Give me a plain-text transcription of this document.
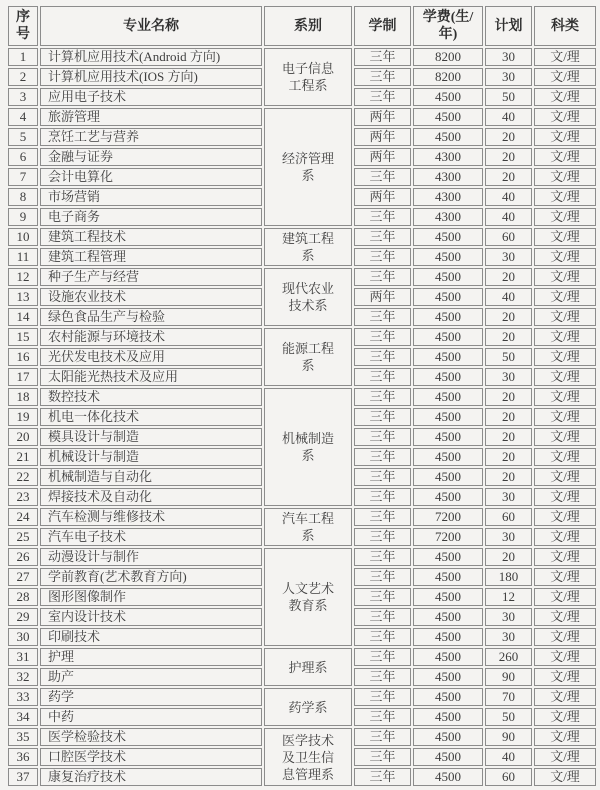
序号	专业名称	系别	学制	学费(生/年)	计划	科类
1	计算机应用技术(Android 方向)	电子信息工程系	三年	8200	30	文/理
2	计算机应用技术(IOS 方向)		三年	8200	30	文/理
3	应用电子技术		三年	4500	50	文/理
4	旅游管理	经济管理系	两年	4500	40	文/理
5	烹饪工艺与营养		两年	4500	20	文/理
6	金融与证券		两年	4300	20	文/理
7	会计电算化		三年	4300	20	文/理
8	市场营销		两年	4300	40	文/理
9	电子商务		三年	4300	40	文/理
10	建筑工程技术	建筑工程系	三年	4500	60	文/理
11	建筑工程管理		三年	4500	30	文/理
12	种子生产与经营	现代农业技术系	三年	4500	20	文/理
13	设施农业技术		两年	4500	40	文/理
14	绿色食品生产与检验		三年	4500	20	文/理
15	农村能源与环境技术	能源工程系	三年	4500	20	文/理
16	光伏发电技术及应用		三年	4500	50	文/理
17	太阳能光热技术及应用		三年	4500	30	文/理
18	数控技术	机械制造系	三年	4500	20	文/理
19	机电一体化技术		三年	4500	20	文/理
20	模具设计与制造		三年	4500	20	文/理
21	机械设计与制造		三年	4500	20	文/理
22	机械制造与自动化		三年	4500	20	文/理
23	焊接技术及自动化		三年	4500	30	文/理
24	汽车检测与维修技术	汽车工程系	三年	7200	60	文/理
25	汽车电子技术		三年	7200	30	文/理
26	动漫设计与制作	人文艺术教育系	三年	4500	20	文/理
27	学前教育(艺术教育方向)		三年	4500	180	文/理
28	图形图像制作		三年	4500	12	文/理
29	室内设计技术		三年	4500	30	文/理
30	印刷技术		三年	4500	30	文/理
31	护理	护理系	三年	4500	260	文/理
32	助产		三年	4500	90	文/理
33	药学	药学系	三年	4500	70	文/理
34	中药		三年	4500	50	文/理
35	医学检验技术	医学技术及卫生信息管理系	三年	4500	90	文/理
36	口腔医学技术		三年	4500	40	文/理
37	康复治疗技术		三年	4500	60	文/理
